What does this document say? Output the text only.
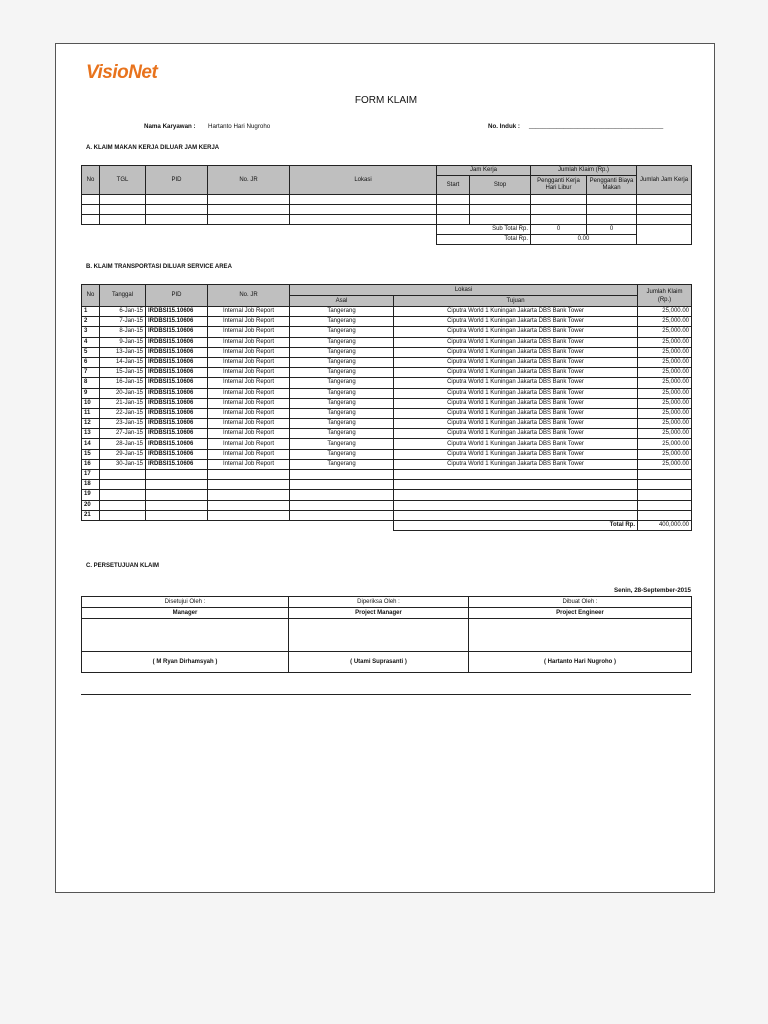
VisioNet
FORM KLAIM
Nama Karyawan : Hartanto Hari Nugroho	No. Induk : _______________________________________
A. KLAIM MAKAN KERJA DILUAR JAM KERJA
No	TGL	PID	No. JR	Lokasi	Jam Kerja		Jumlah Klaim (Rp.)		Jumlah Jam Kerja
					Start	Stop	Pengganti Kerja Hari Libur	Pengganti Biaya Makan	

					Sub Total Rp.		0	0	
					Total Rp.		0.00		
B. KLAIM TRANSPORTASI DILUAR SERVICE AREA
No	Tanggal	PID	No. JR	Lokasi		Jumlah Klaim (Rp.)
				Asal	Tujuan	
1	6-Jan-15	IRDBSI15.10606	Internal Job Report	Tangerang	Ciputra World 1 Kuningan Jakarta DBS Bank Tower	25,000.00
2	7-Jan-15	IRDBSI15.10606	Internal Job Report	Tangerang	Ciputra World 1 Kuningan Jakarta DBS Bank Tower	25,000.00
3	8-Jan-15	IRDBSI15.10606	Internal Job Report	Tangerang	Ciputra World 1 Kuningan Jakarta DBS Bank Tower	25,000.00
4	9-Jan-15	IRDBSI15.10606	Internal Job Report	Tangerang	Ciputra World 1 Kuningan Jakarta DBS Bank Tower	25,000.00
5	13-Jan-15	IRDBSI15.10606	Internal Job Report	Tangerang	Ciputra World 1 Kuningan Jakarta DBS Bank Tower	25,000.00
6	14-Jan-15	IRDBSI15.10606	Internal Job Report	Tangerang	Ciputra World 1 Kuningan Jakarta DBS Bank Tower	25,000.00
7	15-Jan-15	IRDBSI15.10606	Internal Job Report	Tangerang	Ciputra World 1 Kuningan Jakarta DBS Bank Tower	25,000.00
8	16-Jan-15	IRDBSI15.10606	Internal Job Report	Tangerang	Ciputra World 1 Kuningan Jakarta DBS Bank Tower	25,000.00
9	20-Jan-15	IRDBSI15.10606	Internal Job Report	Tangerang	Ciputra World 1 Kuningan Jakarta DBS Bank Tower	25,000.00
10	21-Jan-15	IRDBSI15.10606	Internal Job Report	Tangerang	Ciputra World 1 Kuningan Jakarta DBS Bank Tower	25,000.00
11	22-Jan-15	IRDBSI15.10606	Internal Job Report	Tangerang	Ciputra World 1 Kuningan Jakarta DBS Bank Tower	25,000.00
12	23-Jan-15	IRDBSI15.10606	Internal Job Report	Tangerang	Ciputra World 1 Kuningan Jakarta DBS Bank Tower	25,000.00
13	27-Jan-15	IRDBSI15.10606	Internal Job Report	Tangerang	Ciputra World 1 Kuningan Jakarta DBS Bank Tower	25,000.00
14	28-Jan-15	IRDBSI15.10606	Internal Job Report	Tangerang	Ciputra World 1 Kuningan Jakarta DBS Bank Tower	25,000.00
15	29-Jan-15	IRDBSI15.10606	Internal Job Report	Tangerang	Ciputra World 1 Kuningan Jakarta DBS Bank Tower	25,000.00
16	30-Jan-15	IRDBSI15.10606	Internal Job Report	Tangerang	Ciputra World 1 Kuningan Jakarta DBS Bank Tower	25,000.00
17						
18						
19						
20						
21						
					Total Rp.	400,000.00
C. PERSETUJUAN KLAIM
Senin, 28-September-2015
Disetujui Oleh :	Diperiksa Oleh :	Dibuat Oleh :
Manager	Project Manager	Project Engineer

( M Ryan Dirhamsyah )	( Utami Suprasanti )	( Hartanto Hari Nugroho )
